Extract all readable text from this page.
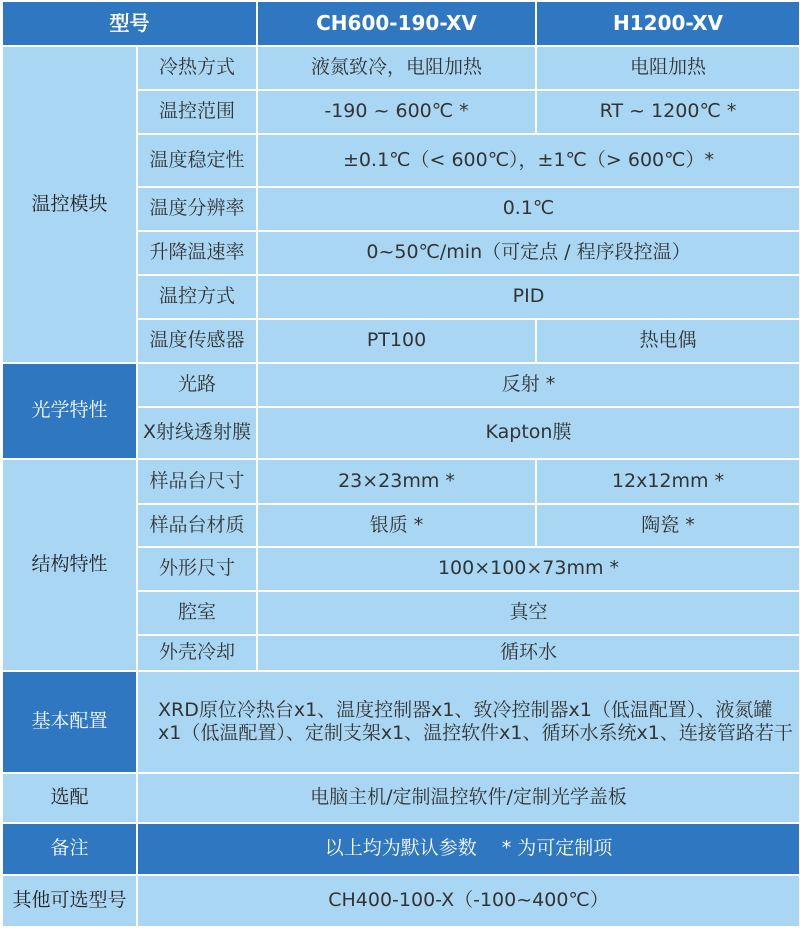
型号		CH600-190-XV	H1200-XV
温控模块	冷热方式	液氮致冷，电阻加热	电阻加热
	温控范围	-190 ~ 600℃ *	RT ~ 1200℃ *
	温度稳定性	±0.1℃（< 600℃），±1℃（> 600℃）*	
	温度分辨率	0.1℃	
	升降温速率	0~50℃/min（可定点 / 程序段控温）	
	温控方式	PID	
	温度传感器	PT100	热电偶
光学特性	光路	反射 *	
	X射线透射膜	Kapton膜	
结构特性	样品台尺寸	23×23mm *	12x12mm *
	样品台材质	银质 *	陶瓷 *
	外形尺寸	100×100×73mm *	
	腔室	真空	
	外壳冷却	循环水	
基本配置	XRD原位冷热台x1、温度控制器x1、致冷控制器x1（低温配置）、液氮罐x1（低温配置）、定制支架x1、温控软件x1、循环水系统x1、连接管路若干		
选配	电脑主机/定制温控软件/定制光学盖板		
备注	以上均为默认参数　 * 为可定制项		
其他可选型号	CH400-100-X（-100~400℃）		
